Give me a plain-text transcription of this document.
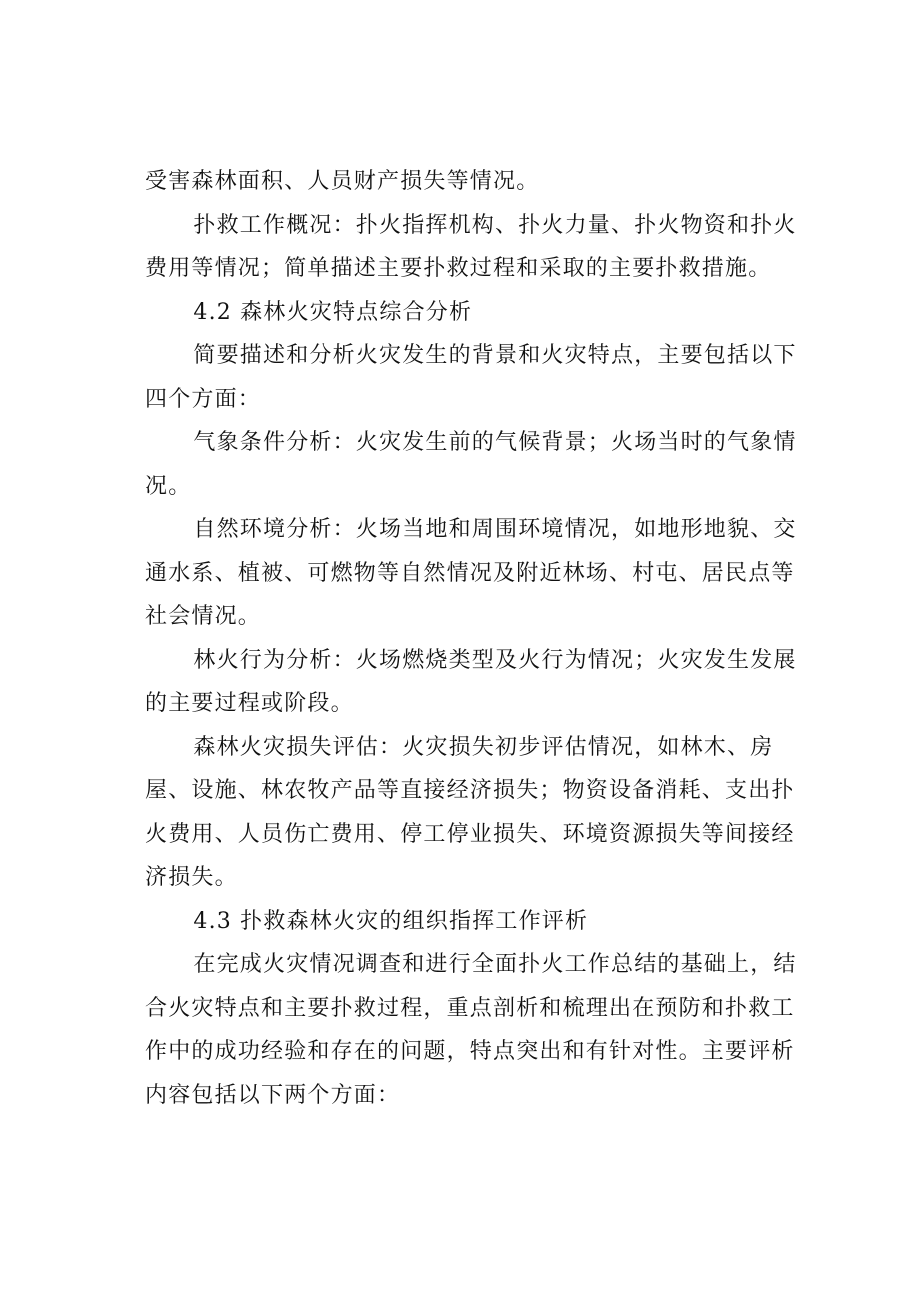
受害森林面积、人员财产损失等情况。

扑救工作概况：扑火指挥机构、扑火力量、扑火物资和扑火费用等情况；简单描述主要扑救过程和采取的主要扑救措施。

4.2 森林火灾特点综合分析

简要描述和分析火灾发生的背景和火灾特点，主要包括以下四个方面：

气象条件分析：火灾发生前的气候背景；火场当时的气象情况。

自然环境分析：火场当地和周围环境情况，如地形地貌、交通水系、植被、可燃物等自然情况及附近林场、村屯、居民点等社会情况。

林火行为分析：火场燃烧类型及火行为情况；火灾发生发展的主要过程或阶段。

森林火灾损失评估：火灾损失初步评估情况，如林木、房屋、设施、林农牧产品等直接经济损失；物资设备消耗、支出扑火费用、人员伤亡费用、停工停业损失、环境资源损失等间接经济损失。

4.3 扑救森林火灾的组织指挥工作评析

在完成火灾情况调查和进行全面扑火工作总结的基础上，结合火灾特点和主要扑救过程，重点剖析和梳理出在预防和扑救工作中的成功经验和存在的问题，特点突出和有针对性。主要评析内容包括以下两个方面：
